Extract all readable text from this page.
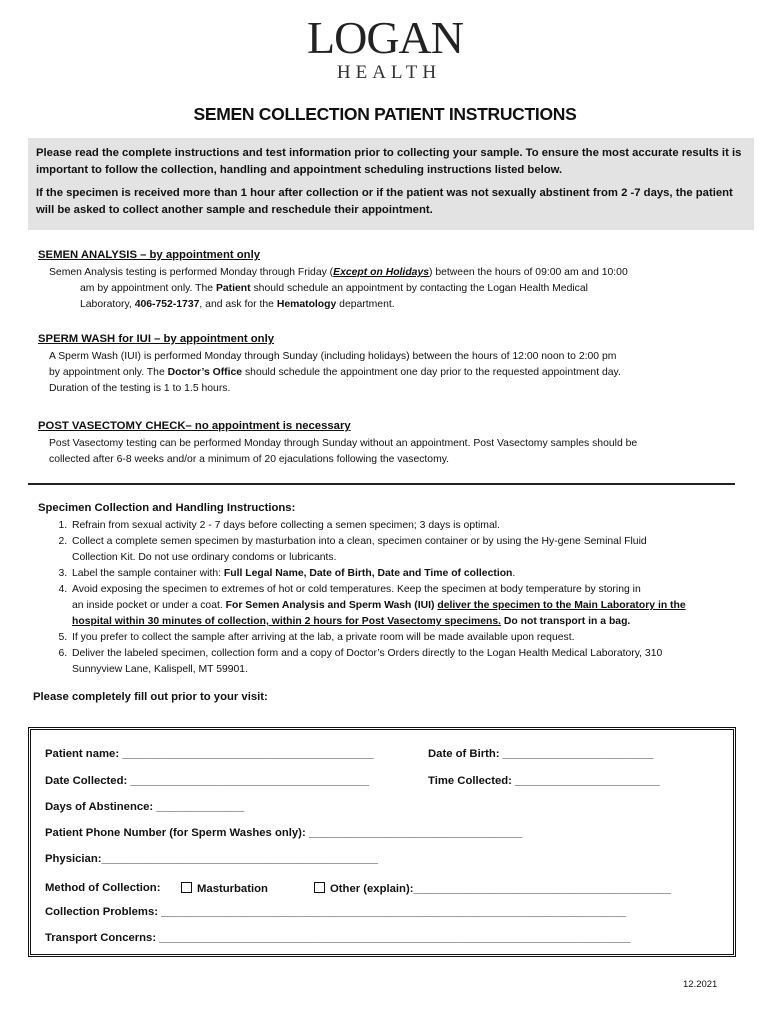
LOGAN
HEALTH
SEMEN COLLECTION PATIENT INSTRUCTIONS

Please read the complete instructions and test information prior to collecting your sample. To ensure the most accurate results it is important to follow the collection, handling and appointment scheduling instructions listed below.

If the specimen is received more than 1 hour after collection or if the patient was not sexually abstinent from 2 -7 days, the patient will be asked to collect another sample and reschedule their appointment.

SEMEN ANALYSIS – by appointment only
Semen Analysis testing is performed Monday through Friday (Except on Holidays) between the hours of 09:00 am and 10:00
am by appointment only. The Patient should schedule an appointment by contacting the Logan Health Medical
Laboratory, 406-752-1737, and ask for the Hematology department.
SPERM WASH for IUI – by appointment only
A Sperm Wash (IUI) is performed Monday through Sunday (including holidays) between the hours of 12:00 noon to 2:00 pm
by appointment only. The Doctor’s Office should schedule the appointment one day prior to the requested appointment day.
Duration of the testing is 1 to 1.5 hours.
POST VASECTOMY CHECK– no appointment is necessary
Post Vasectomy testing can be performed Monday through Sunday without an appointment. Post Vasectomy samples should be
collected after 6-8 weeks and/or a minimum of 20 ejaculations following the vasectomy.
Specimen Collection and Handling Instructions:
1. Refrain from sexual activity 2 - 7 days before collecting a semen specimen; 3 days is optimal.
2. Collect a complete semen specimen by masturbation into a clean, specimen container or by using the Hy-gene Seminal Fluid
Collection Kit. Do not use ordinary condoms or lubricants.
3. Label the sample container with: Full Legal Name, Date of Birth, Date and Time of collection.
4. Avoid exposing the specimen to extremes of hot or cold temperatures. Keep the specimen at body temperature by storing in
an inside pocket or under a coat. For Semen Analysis and Sperm Wash (IUI) deliver the specimen to the Main Laboratory in the
hospital within 30 minutes of collection, within 2 hours for Post Vasectomy specimens. Do not transport in a bag.
5. If you prefer to collect the sample after arriving at the lab, a private room will be made available upon request.
6. Deliver the labeled specimen, collection form and a copy of Doctor’s Orders directly to the Logan Health Medical Laboratory, 310
Sunnyview Lane, Kalispell, MT 59901.
Please completely fill out prior to your visit:
Patient name: ________________________________________	Date of Birth: ________________________
Date Collected: ______________________________________	Time Collected: _______________________
Days of Abstinence: ______________
Patient Phone Number (for Sperm Washes only): __________________________________
Physician:____________________________________________
Method of Collection:	Masturbation	Other (explain):_________________________________________
Collection Problems: __________________________________________________________________________
Transport Concerns: ___________________________________________________________________________
12.2021
